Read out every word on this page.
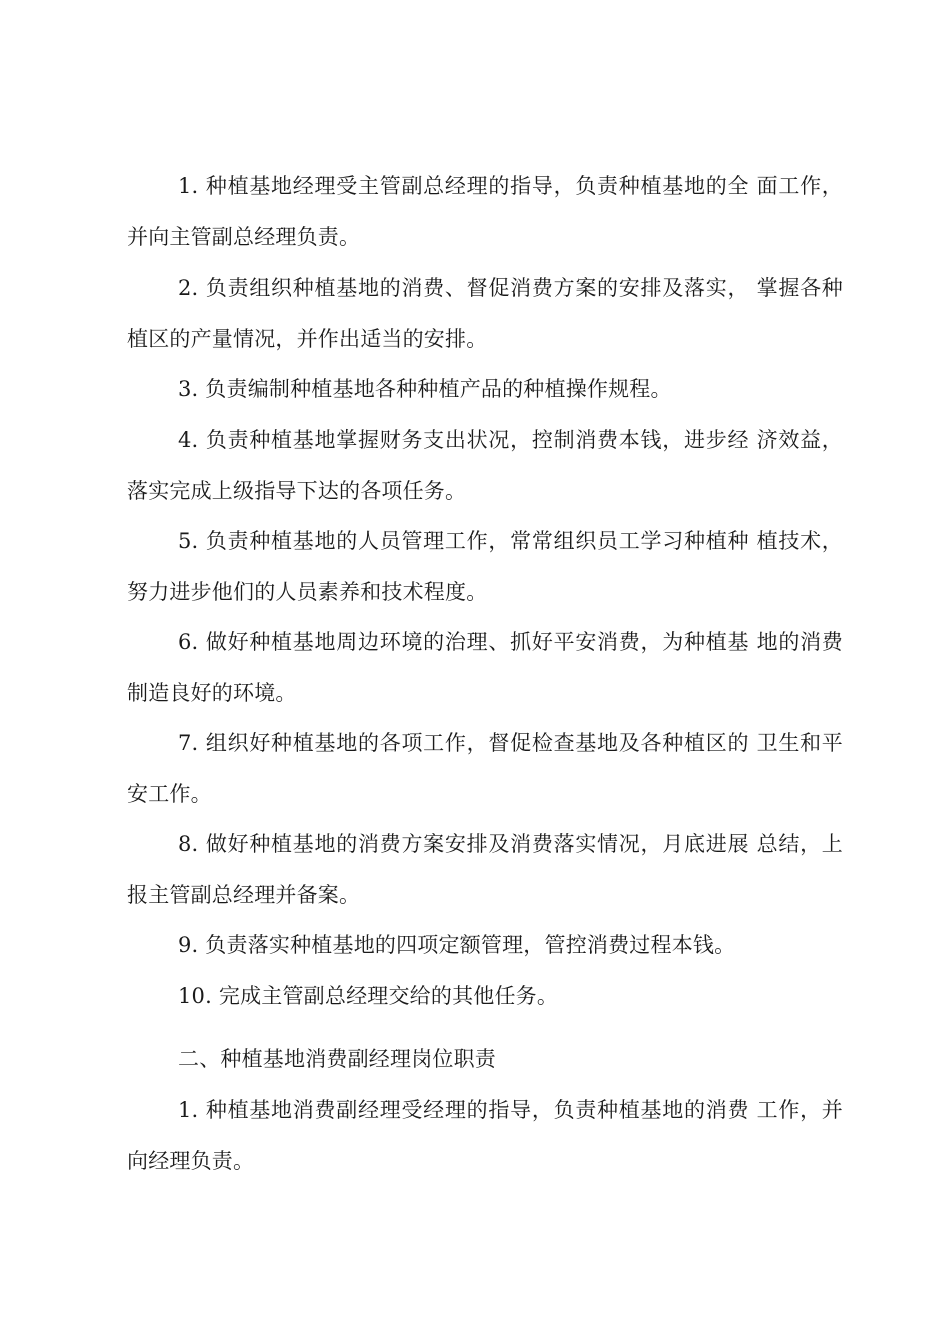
1. 种植基地经理受主管副总经理的指导，负责种植基地的全 面工作，并向主管副总经理负责。

2. 负责组织种植基地的消费、督促消费方案的安排及落实， 掌握各种植区的产量情况，并作出适当的安排。

3. 负责编制种植基地各种种植产品的种植操作规程。

4. 负责种植基地掌握财务支出状况，控制消费本钱，进步经 济效益，落实完成上级指导下达的各项任务。

5. 负责种植基地的人员管理工作，常常组织员工学习种植种 植技术，努力进步他们的人员素养和技术程度。

6. 做好种植基地周边环境的治理、抓好平安消费，为种植基 地的消费制造良好的环境。

7. 组织好种植基地的各项工作，督促检查基地及各种植区的 卫生和平安工作。

8. 做好种植基地的消费方案安排及消费落实情况，月底进展 总结，上报主管副总经理并备案。

9. 负责落实种植基地的四项定额管理，管控消费过程本钱。

10. 完成主管副总经理交给的其他任务。

二、种植基地消费副经理岗位职责

1. 种植基地消费副经理受经理的指导，负责种植基地的消费 工作，并向经理负责。
